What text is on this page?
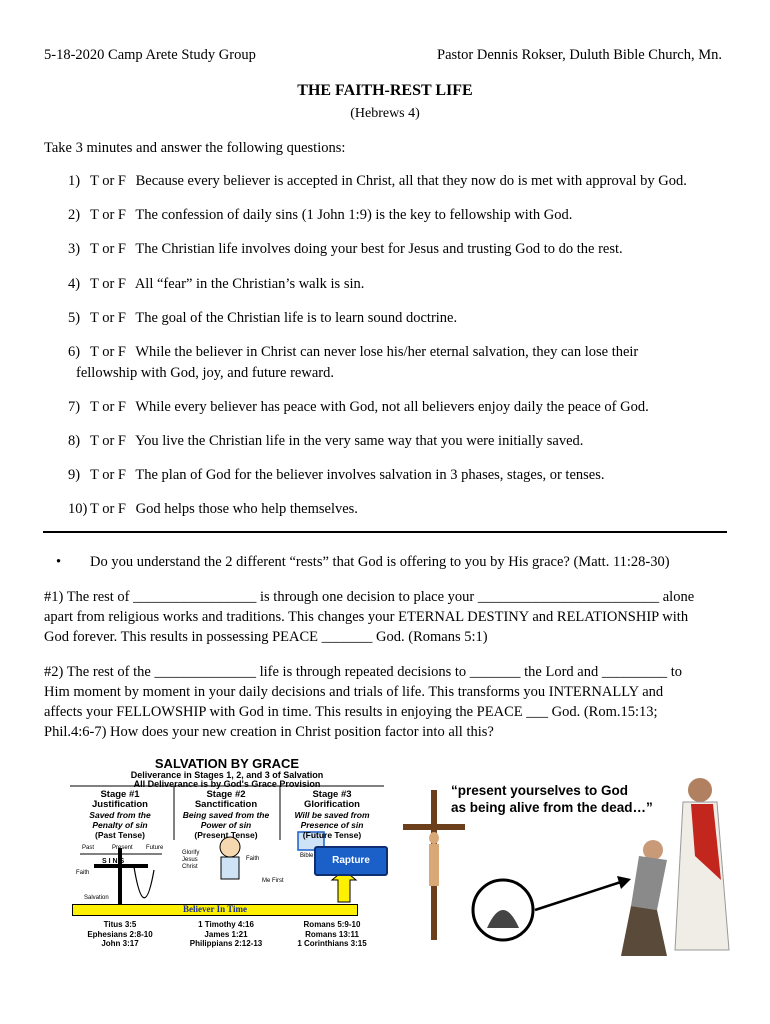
5-18-2020 Camp Arete Study Group	Pastor Dennis Rokser, Duluth Bible Church, Mn.
THE FAITH-REST LIFE
(Hebrews 4)
Take 3 minutes and answer the following questions:
1) T or F Because every believer is accepted in Christ, all that they now do is met with approval by God.
2) T or F The confession of daily sins (1 John 1:9) is the key to fellowship with God.
3) T or F The Christian life involves doing your best for Jesus and trusting God to do the rest.
4) T or F All “fear” in the Christian’s walk is sin.
5) T or F The goal of the Christian life is to learn sound doctrine.
6) T or F While the believer in Christ can never lose his/her eternal salvation, they can lose their
fellowship with God, joy, and future reward.
7) T or F While every believer has peace with God, not all believers enjoy daily the peace of God.
8) T or F You live the Christian life in the very same way that you were initially saved.
9) T or F The plan of God for the believer involves salvation in 3 phases, stages, or tenses.
10) T or F God helps those who help themselves.
• Do you understand the 2 different “rests” that God is offering to you by His grace? (Matt. 11:28-30)
#1) The rest of _________________ is through one decision to place your _________________________ alone
apart from religious works and traditions. This changes your ETERNAL DESTINY and RELATIONSHIP with
God forever. This results in possessing PEACE _______ God. (Romans 5:1)
#2) The rest of the ______________ life is through repeated decisions to _______ the Lord and _________ to
Him moment by moment in your daily decisions and trials of life. This transforms you INTERNALLY and
affects your FELLOWSHIP with God in time. This results in enjoying the PEACE ___ God. (Rom.15:13;
Phil.4:6-7) How does your new creation in Christ position factor into all this?
SALVATION BY GRACE
Deliverance in Stages 1, 2, and 3 of Salvation
All Deliverance is by God's Grace Provision
Stage #1
Justification
Saved from the
Penalty of sin
(Past Tense)
Stage #2
Sanctification
Being saved from the
Power of sin
(Present Tense)
Stage #3
Glorification
Will be saved from
Presence of sin
(Future Tense)
Past	Present Future
S I N S
Faith
Salvation
Glorify
Jesus
Christ
Faith	Bible
Me First
Believer In Time
Titus 3:5
Ephesians 2:8-10
John 3:17
1 Timothy 4:16
James 1:21
Philippians 2:12-13
Romans 5:9-10
Romans 13:11
1 Corinthians 3:15
Rapture
“present yourselves to God
as being alive from the dead…”
